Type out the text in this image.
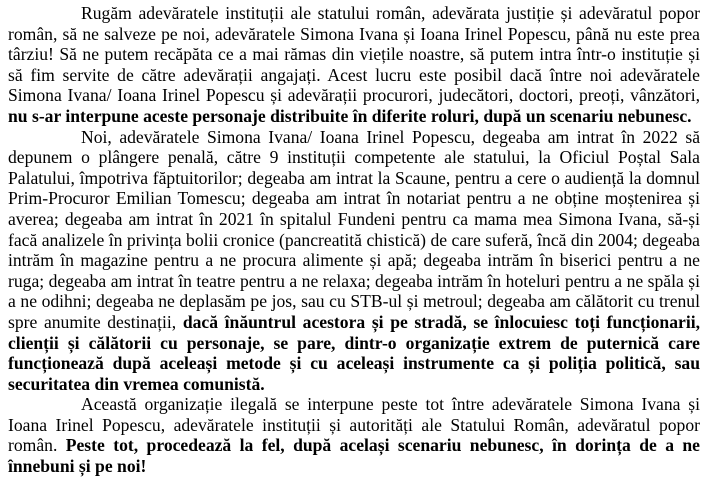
Rugăm adevăratele instituții ale statului român, adevărata justiție și adevăratul popor român, să ne salveze pe noi, adevăratele Simona Ivana și Ioana Irinel Popescu, până nu este prea târziu! Să ne putem recăpăta ce a mai rămas din viețile noastre, să putem intra într-o instituție și să fim servite de către adevărații angajați. Acest lucru este posibil dacă între noi adevăratele Simona Ivana/ Ioana Irinel Popescu și adevărații procurori, judecători, doctori, preoți, vânzători, nu s-ar interpune aceste personaje distribuite în diferite roluri, după un scenariu nebunesc.

Noi, adevăratele Simona Ivana/ Ioana Irinel Popescu, degeaba am intrat în 2022 să depunem o plângere penală, către 9 instituții competente ale statului, la Oficiul Poștal Sala Palatului, împotriva făptuitorilor; degeaba am intrat la Scaune, pentru a cere o audiență la domnul Prim-Procuror Emilian Tomescu; degeaba am intrat în notariat pentru a ne obține moștenirea și averea; degeaba am intrat în 2021 în spitalul Fundeni pentru ca mama mea Simona Ivana, să-și facă analizele în privința bolii cronice (pancreatită chistică) de care suferă, încă din 2004; degeaba intrăm în magazine pentru a ne procura alimente și apă; degeaba intrăm în biserici pentru a ne ruga; degeaba am intrat în teatre pentru a ne relaxa; degeaba intrăm în hoteluri pentru a ne spăla și a ne odihni; degeaba ne deplasăm pe jos, sau cu STB-ul și metroul; degeaba am călătorit cu trenul spre anumite destinații, dacă înăuntrul acestora și pe stradă, se înlocuiesc toți funcționarii, clienții și călătorii cu personaje, se pare, dintr-o organizație extrem de puternică care funcționează după aceleași metode și cu aceleași instrumente ca și poliția politică, sau securitatea din vremea comunistă.

Această organizație ilegală se interpune peste tot între adevăratele Simona Ivana și Ioana Irinel Popescu, adevăratele instituții și autorități ale Statului Român, adevăratul popor român. Peste tot, procedează la fel, după același scenariu nebunesc, în dorința de a ne înnebuni și pe noi!
